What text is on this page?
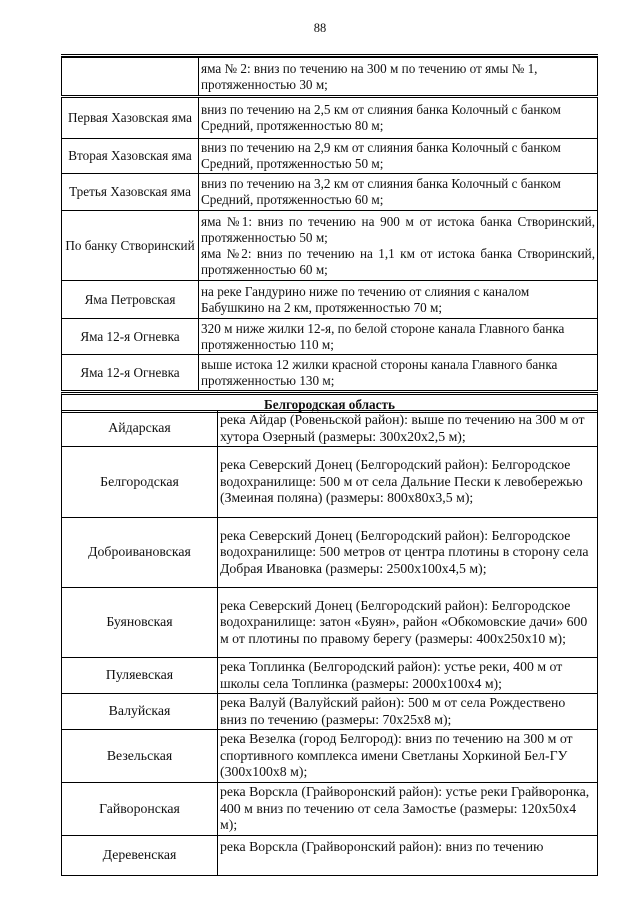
88
	яма № 2: вниз по течению на 300 м по течению от ямы № 1, протяженностью 30 м;
Первая Хазовская яма	вниз по течению на 2,5 км от слияния банка Колочный с банком Средний, протяженностью 80 м;
Вторая Хазовская яма	вниз по течению на 2,9 км от слияния банка Колочный с банком Средний, протяженностью 50 м;
Третья Хазовская яма	вниз по течению на 3,2 км от слияния банка Колочный с банком Средний, протяженностью 60 м;
По банку Створинский	яма №1: вниз по течению на 900 м от истока банка Створинский, протяженностью 50 м;
яма №2: вниз по течению на 1,1 км от истока банка Створинский, протяженностью 60 м;

Яма Петровская	на реке Гандурино ниже по течению от слияния с каналом Бабушкино на 2 км, протяженностью 70 м;
Яма 12-я Огневка	320 м ниже жилки 12-я, по белой стороне канала Главного банка протяженностью 110 м;
Яма 12-я Огневка	выше истока 12 жилки красной стороны канала Главного банка протяженностью 130 м;
Белгородская область
Айдарская	река Айдар (Ровеньской район): выше по течению на 300 м от хутора Озерный (размеры: 300х20х2,5 м);
Белгородская	река Северский Донец (Белгородский район): Белгородское водохранилище: 500 м от села Дальние Пески к левобережью (Змеиная поляна) (размеры: 800х80х3,5 м);
Доброивановская	река Северский Донец (Белгородский район): Белгородское водохранилище: 500 метров от центра плотины в сторону села Добрая Ивановка (размеры: 2500х100х4,5 м);
Буяновская	река Северский Донец (Белгородский район): Белгородское водохранилище: затон «Буян», район «Обкомовские дачи» 600 м от плотины по правому берегу (размеры: 400х250х10 м);
Пуляевская	река Топлинка (Белгородский район): устье реки, 400 м от школы села Топлинка (размеры: 2000х100х4 м);
Валуйская	река Валуй (Валуйский район): 500 м от села Рождествено вниз по течению (размеры: 70х25х8 м);
Везельская	река Везелка (город Белгород): вниз по течению на 300 м от спортивного комплекса имени Светланы Хоркиной Бел-ГУ (300х100х8 м);
Гайворонская	река Ворскла (Грайворонский район): устье реки Грайворонка, 400 м вниз по течению от села Замостье (размеры: 120х50х4 м);
Деревенская	река Ворскла (Грайворонский район): вниз по течению
